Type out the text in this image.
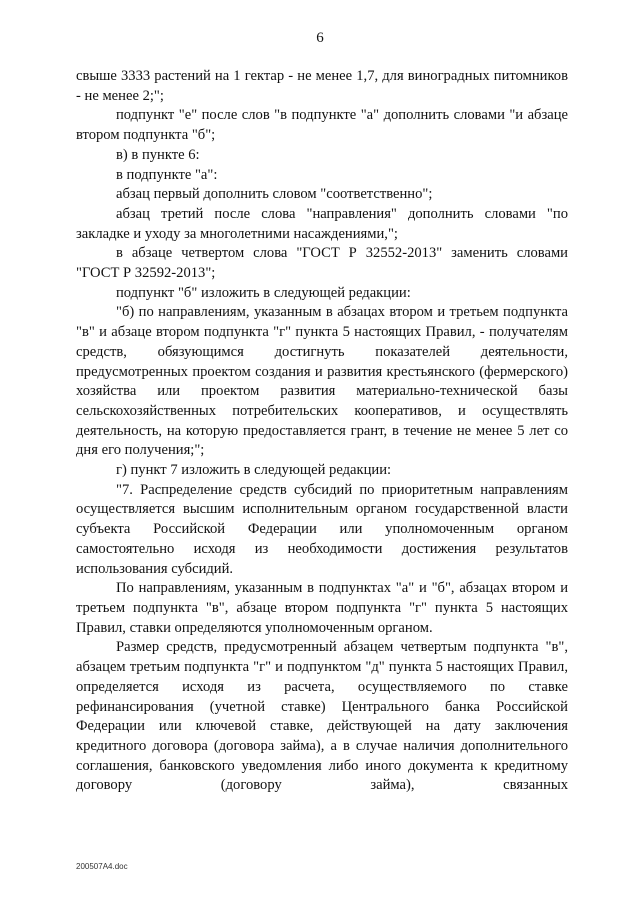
6

свыше 3333 растений на 1 гектар - не менее 1,7, для виноградных питомников - не менее 2;";

подпункт "е" после слов "в подпункте "а" дополнить словами "и абзаце втором подпункта "б";

в) в пункте 6:

в подпункте "а":

абзац первый дополнить словом "соответственно";

абзац третий после слова "направления" дополнить словами "по закладке и уходу за многолетними насаждениями,";

в абзаце четвертом слова "ГОСТ Р 32552-2013" заменить словами "ГОСТ Р 32592-2013";

подпункт "б" изложить в следующей редакции:

"б) по направлениям, указанным в абзацах втором и третьем подпункта "в" и абзаце втором подпункта "г" пункта 5 настоящих Правил, - получателям средств, обязующимся достигнуть показателей деятельности, предусмотренных проектом создания и развития крестьянского (фермерского) хозяйства или проектом развития материально-технической базы сельскохозяйственных потребительских кооперативов, и осуществлять деятельность, на которую предоставляется грант, в течение не менее 5 лет со дня его получения;";

г) пункт 7 изложить в следующей редакции:

"7. Распределение средств субсидий по приоритетным направлениям осуществляется высшим исполнительным органом государственной власти субъекта Российской Федерации или уполномоченным органом самостоятельно исходя из необходимости достижения результатов использования субсидий.

По направлениям, указанным в подпунктах "а" и "б", абзацах втором и третьем подпункта "в", абзаце втором подпункта "г" пункта 5 настоящих Правил, ставки определяются уполномоченным органом.

Размер средств, предусмотренный абзацем четвертым подпункта "в", абзацем третьим подпункта "г" и подпунктом "д" пункта 5 настоящих Правил, определяется исходя из расчета, осуществляемого по ставке рефинансирования (учетной ставке) Центрального банка Российской Федерации или ключевой ставке, действующей на дату заключения кредитного договора (договора займа), а в случае наличия дополнительного соглашения, банковского уведомления либо иного документа к кредитному договору (договору займа), связанных

200507A4.doc
